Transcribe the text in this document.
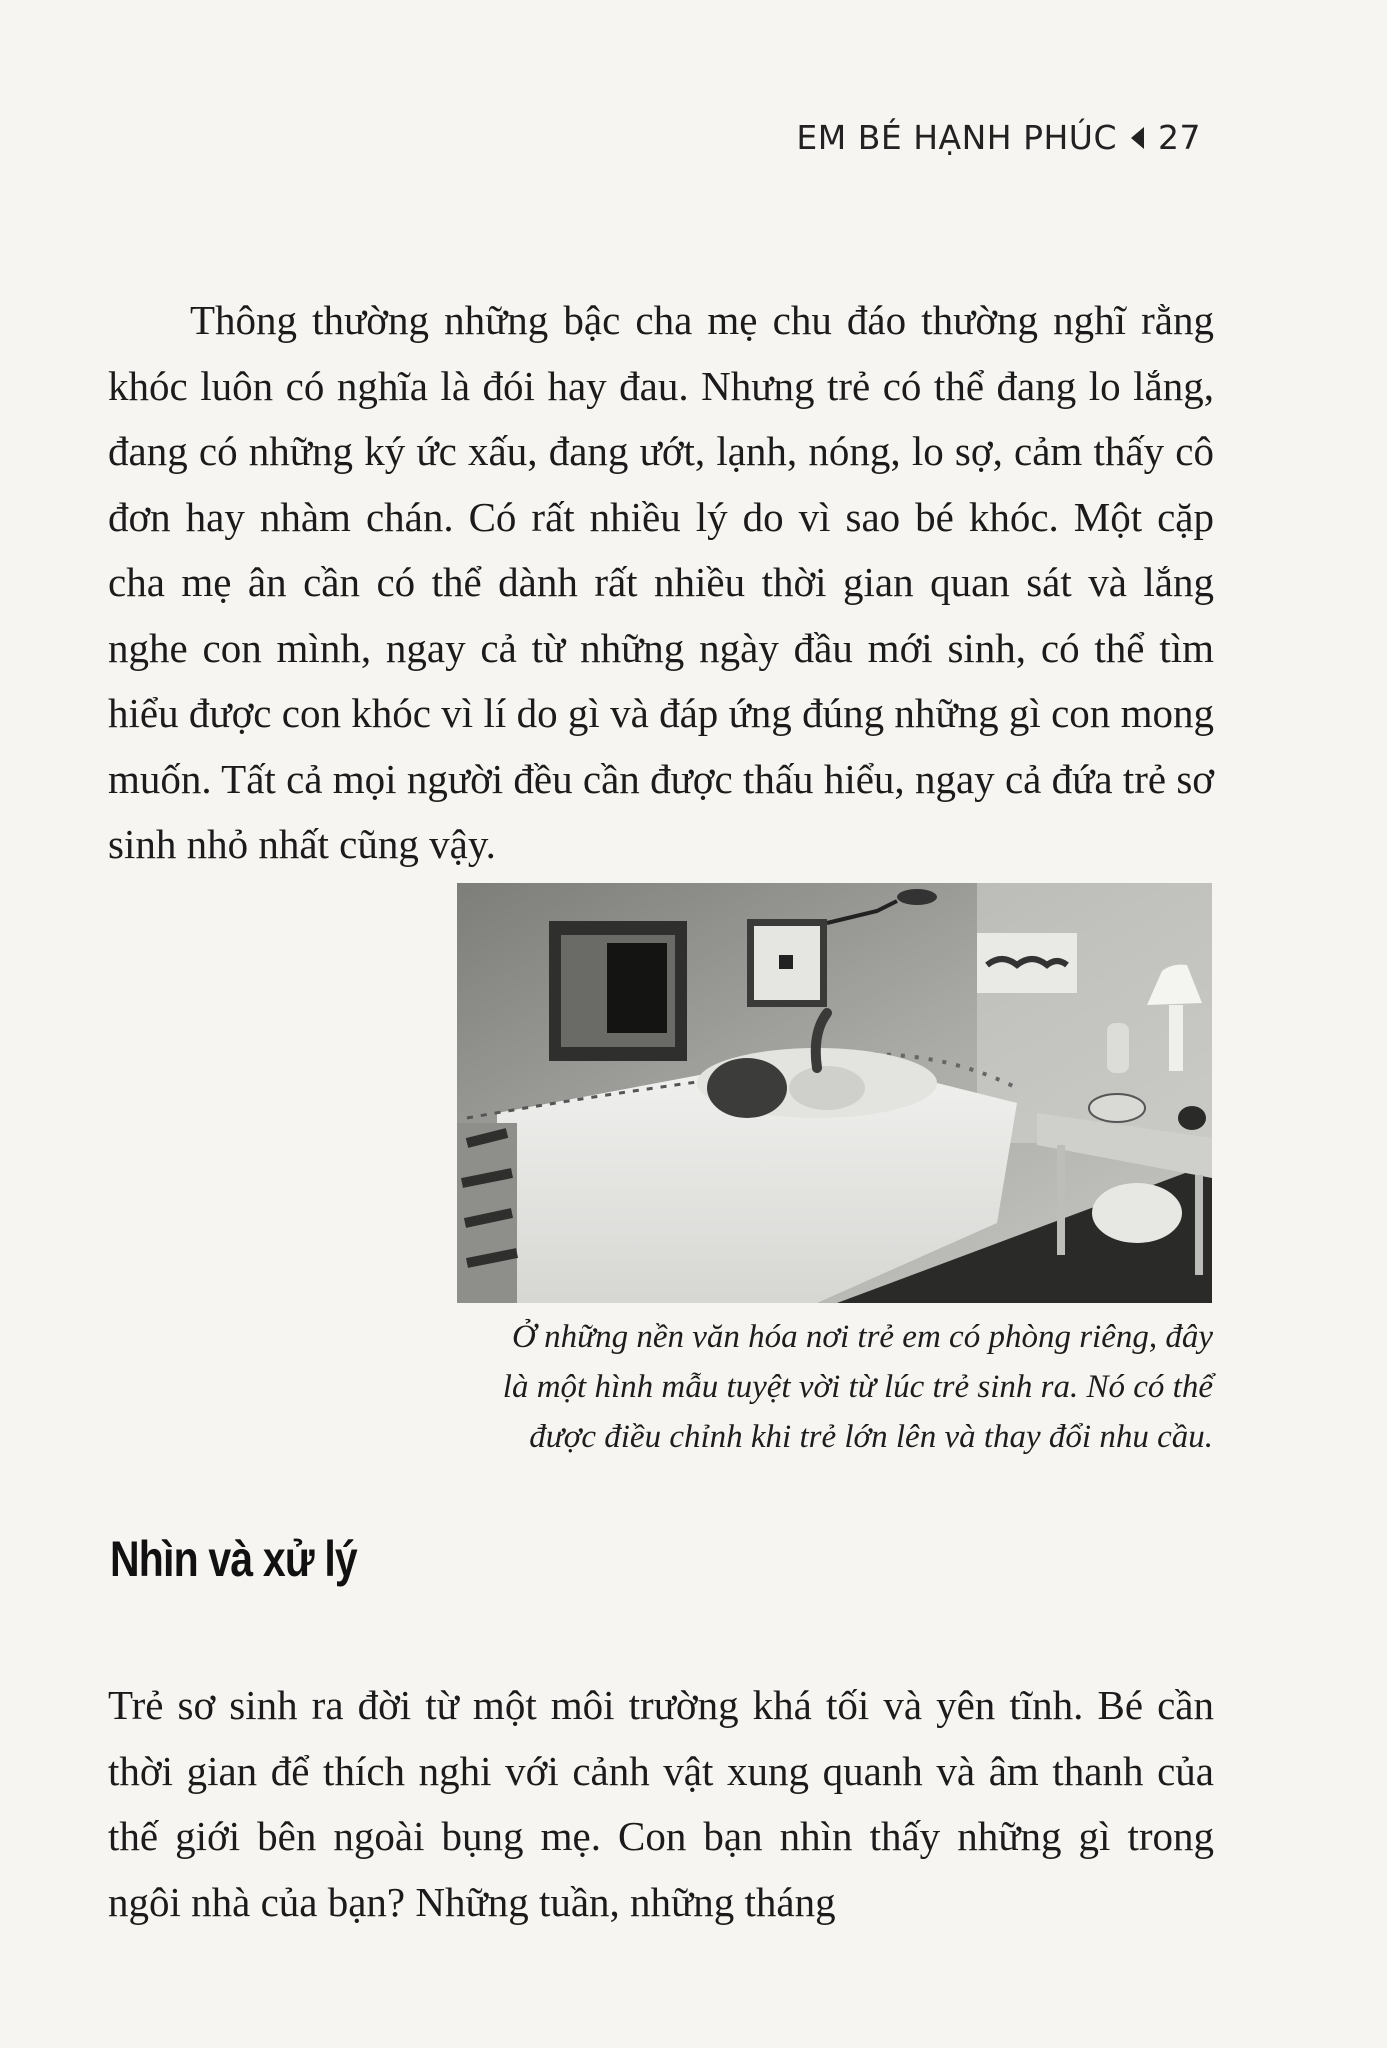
EM BÉ HẠNH PHÚC 27

Thông thường những bậc cha mẹ chu đáo thường nghĩ rằng khóc luôn có nghĩa là đói hay đau. Nhưng trẻ có thể đang lo lắng, đang có những ký ức xấu, đang ướt, lạnh, nóng, lo sợ, cảm thấy cô đơn hay nhàm chán. Có rất nhiều lý do vì sao bé khóc. Một cặp cha mẹ ân cần có thể dành rất nhiều thời gian quan sát và lắng nghe con mình, ngay cả từ những ngày đầu mới sinh, có thể tìm hiểu được con khóc vì lí do gì và đáp ứng đúng những gì con mong muốn. Tất cả mọi người đều cần được thấu hiểu, ngay cả đứa trẻ sơ sinh nhỏ nhất cũng vậy.

Ở những nền văn hóa nơi trẻ em có phòng riêng, đây
là một hình mẫu tuyệt vời từ lúc trẻ sinh ra. Nó có thể
được điều chỉnh khi trẻ lớn lên và thay đổi nhu cầu.
Nhìn và xử lý

Trẻ sơ sinh ra đời từ một môi trường khá tối và yên tĩnh. Bé cần thời gian để thích nghi với cảnh vật xung quanh và âm thanh của thế giới bên ngoài bụng mẹ. Con bạn nhìn thấy những gì trong ngôi nhà của bạn? Những tuần, những tháng
